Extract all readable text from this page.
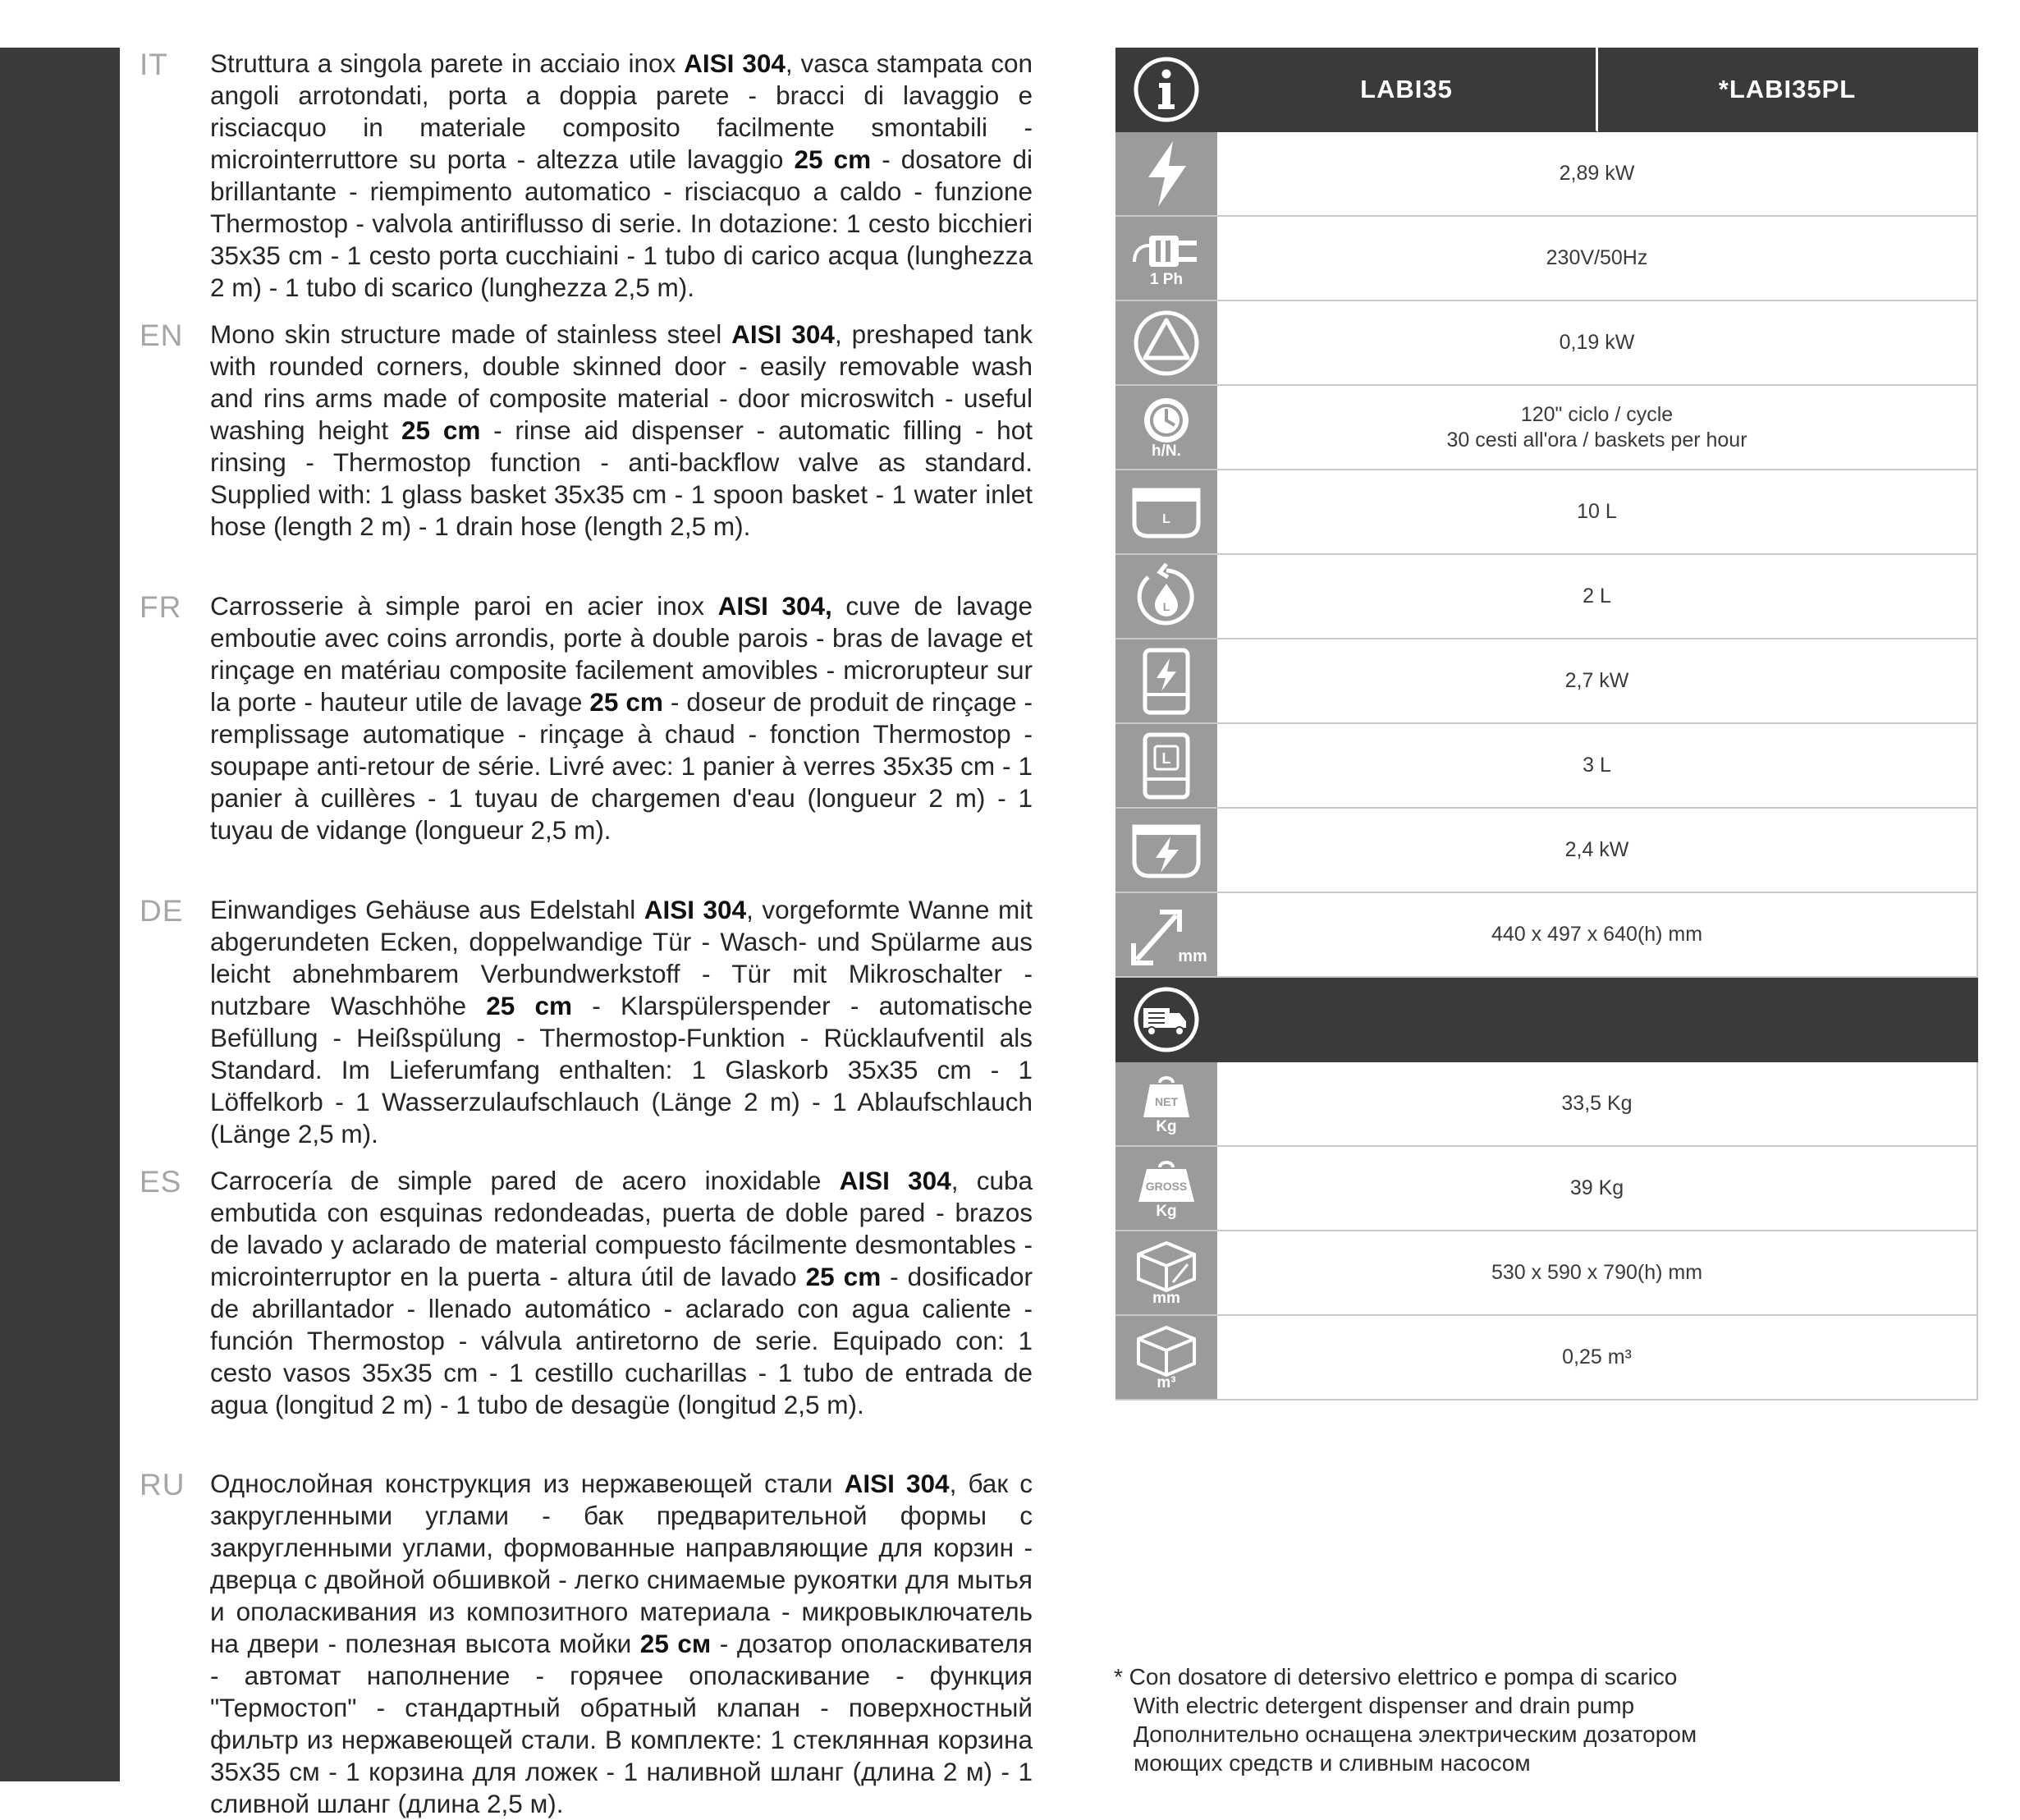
IT Struttura a singola parete in acciaio inox AISI 304, vasca stampata con angoli arrotondati, porta a doppia parete - bracci di lavaggio e risciacquo in materiale composito facilmente smontabili - microinterruttore su porta - altezza utile lavaggio 25 cm - dosatore di brillantante - riempimento automatico - risciacquo a caldo - funzione Thermostop - valvola antiriflusso di serie. In dotazione: 1 cesto bicchieri 35x35 cm - 1 cesto porta cucchiaini - 1 tubo di carico acqua (lunghezza 2 m) - 1 tubo di scarico (lunghezza 2,5 m).
EN Mono skin structure made of stainless steel AISI 304, preshaped tank with rounded corners, double skinned door - easily removable wash and rins arms made of composite material - door microswitch - useful washing height 25 cm - rinse aid dispenser - automatic filling - hot rinsing - Thermostop function - anti-backflow valve as standard. Supplied with: 1 glass basket 35x35 cm - 1 spoon basket - 1 water inlet hose (length 2 m) - 1 drain hose (length 2,5 m).
FR Carrosserie à simple paroi en acier inox AISI 304, cuve de lavage emboutie avec coins arrondis, porte à double parois - bras de lavage et rinçage en matériau composite facilement amovibles - microrupteur sur la porte - hauteur utile de lavage 25 cm - doseur de produit de rinçage - remplissage automatique - rinçage à chaud - fonction Thermostop - soupape anti-retour de série. Livré avec: 1 panier à verres 35x35 cm - 1 panier à cuillères - 1 tuyau de chargemen d'eau (longueur 2 m) - 1 tuyau de vidange (longueur 2,5 m).
DE Einwandiges Gehäuse aus Edelstahl AISI 304, vorgeformte Wanne mit abgerundeten Ecken, doppelwandige Tür - Wasch- und Spülarme aus leicht abnehmbarem Verbundwerkstoff - Tür mit Mikroschalter - nutzbare Waschhöhe 25 cm - Klarspülerspender - automatische Befüllung - Heißspülung - Thermostop-Funktion - Rücklaufventil als Standard. Im Lieferumfang enthalten: 1 Glaskorb 35x35 cm - 1 Löffelkorb - 1 Wasserzulaufschlauch (Länge 2 m) - 1 Ablaufschlauch (Länge 2,5 m).
ES Carrocería de simple pared de acero inoxidable AISI 304, cuba embutida con esquinas redondeadas, puerta de doble pared - brazos de lavado y aclarado de material compuesto fácilmente desmontables - microinterruptor en la puerta - altura útil de lavado 25 cm - dosificador de abrillantador - llenado automático - aclarado con agua caliente - función Thermostop - válvula antiretorno de serie. Equipado con: 1 cesto vasos 35x35 cm - 1 cestillo cucharillas - 1 tubo de entrada de agua (longitud 2 m) - 1 tubo de desagüe (longitud 2,5 m).
RU Однослойная конструкция из нержавеющей стали AISI 304, бак с закругленными углами - бак предварительной формы с закругленными углами, формованные направляющие для корзин - дверца с двойной обшивкой - легко снимаемые рукоятки для мытья и ополаскивания из композитного материала - микровыключатель на двери - полезная высота мойки 25 см - дозатор ополаскивателя - автомат наполнение - горячее ополаскивание - функция "Термостоп" - стандартный обратный клапан - поверхностный фильтр из нержавеющей стали. В комплекте: 1 стеклянная корзина 35x35 см - 1 корзина для ложек - 1 наливной шланг (длина 2 м) - 1 сливной шланг (длина 2,5 м).
LABI35	*LABI35PL
2,89 kW
1 Ph
230V/50Hz
0,19 kW
h/N.
120" ciclo / cycle
30 cesti all'ora / baskets per hour
L	10 L
L	2 L
2,7 kW
L	3 L
2,4 kW
mm
440 x 497 x 640(h) mm
NET
Kg
33,5 Kg
GROSS
Kg
39 Kg
mm
530 x 590 x 790(h) mm
m³
0,25 m³
* Con dosatore di detersivo elettrico e pompa di scarico
With electric detergent dispenser and drain pump
Дополнительно оснащена электрическим дозатором
моющих средств и сливным насосом
